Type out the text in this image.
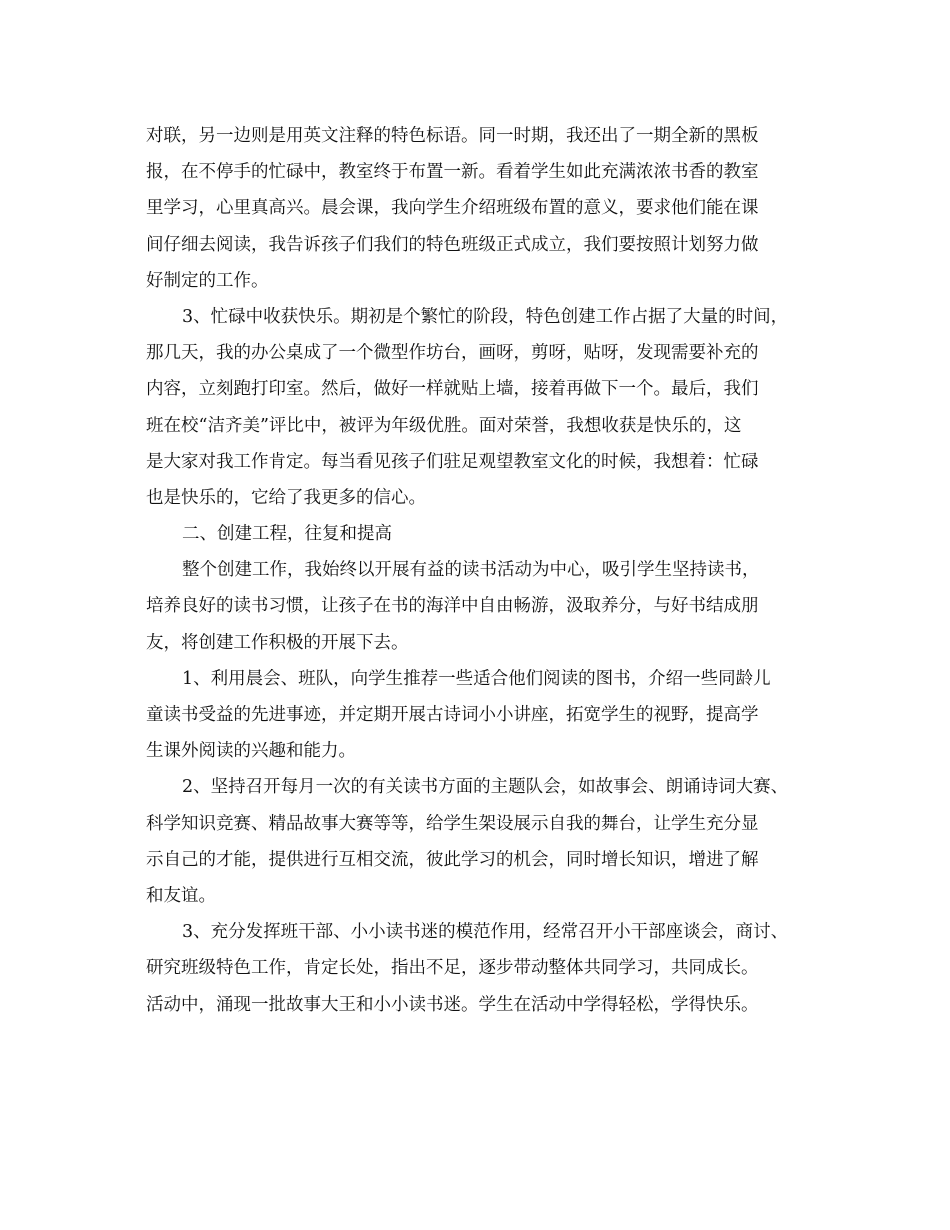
对联，另一边则是用英文注释的特色标语。同一时期，我还出了一期全新的黑板
报，在不停手的忙碌中，教室终于布置一新。看着学生如此充满浓浓书香的教室
里学习，心里真高兴。晨会课，我向学生介绍班级布置的意义，要求他们能在课
间仔细去阅读，我告诉孩子们我们的特色班级正式成立，我们要按照计划努力做
好制定的工作。
3、忙碌中收获快乐。期初是个繁忙的阶段，特色创建工作占据了大量的时间，
那几天，我的办公桌成了一个微型作坊台，画呀，剪呀，贴呀，发现需要补充的
内容，立刻跑打印室。然后，做好一样就贴上墙，接着再做下一个。最后，我们
班在校“洁齐美”评比中，被评为年级优胜。面对荣誉，我想收获是快乐的，这
是大家对我工作肯定。每当看见孩子们驻足观望教室文化的时候，我想着：忙碌
也是快乐的，它给了我更多的信心。
二、创建工程，往复和提高
整个创建工作，我始终以开展有益的读书活动为中心，吸引学生坚持读书，
培养良好的读书习惯，让孩子在书的海洋中自由畅游，汲取养分，与好书结成朋
友，将创建工作积极的开展下去。
1、利用晨会、班队，向学生推荐一些适合他们阅读的图书，介绍一些同龄儿
童读书受益的先进事迹，并定期开展古诗词小小讲座，拓宽学生的视野，提高学
生课外阅读的兴趣和能力。
2、坚持召开每月一次的有关读书方面的主题队会，如故事会、朗诵诗词大赛、
科学知识竞赛、精品故事大赛等等，给学生架设展示自我的舞台，让学生充分显
示自己的才能，提供进行互相交流，彼此学习的机会，同时增长知识，增进了解
和友谊。
3、充分发挥班干部、小小读书迷的模范作用，经常召开小干部座谈会，商讨、
研究班级特色工作，肯定长处，指出不足，逐步带动整体共同学习，共同成长。
活动中，涌现一批故事大王和小小读书迷。学生在活动中学得轻松，学得快乐。
